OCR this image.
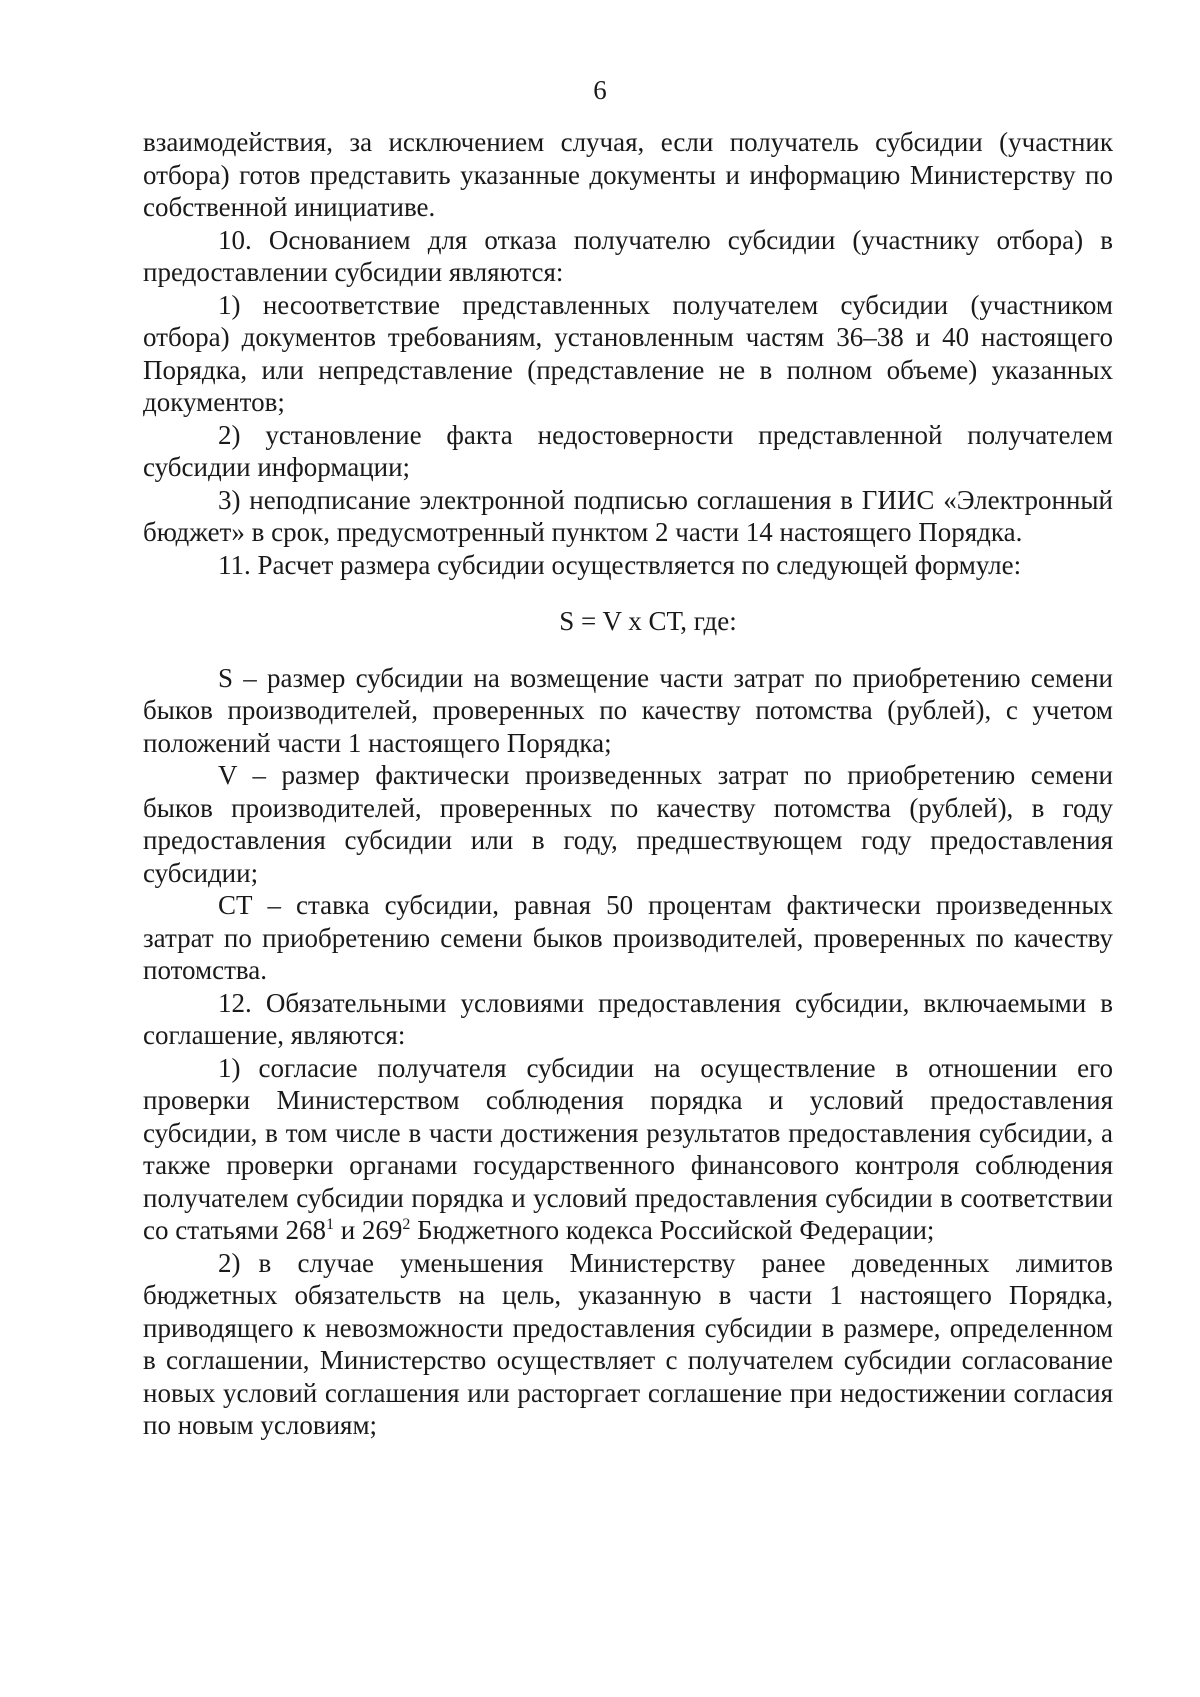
6

взаимодействия, за исключением случая, если получатель субсидии (участник отбора) готов представить указанные документы и информацию Министерству по собственной инициативе.

10. Основанием для отказа получателю субсидии (участнику отбора) в предоставлении субсидии являются:

1) несоответствие представленных получателем субсидии (участником отбора) документов требованиям, установленным частям 36–38 и 40 настоящего Порядка, или непредставление (представление не в полном объеме) указанных документов;

2) установление факта недостоверности представленной получателем субсидии информации;

3) неподписание электронной подписью соглашения в ГИИС «Электронный бюджет» в срок, предусмотренный пунктом 2 части 14 настоящего Порядка.

11. Расчет размера субсидии осуществляется по следующей формуле:

S = V x СТ, где:

S – размер субсидии на возмещение части затрат по приобретению семени быков производителей, проверенных по качеству потомства (рублей), с учетом положений части 1 настоящего Порядка;

V – размер фактически произведенных затрат по приобретению семени быков производителей, проверенных по качеству потомства (рублей), в году предоставления субсидии или в году, предшествующем году предоставления субсидии;

СТ – ставка субсидии, равная 50 процентам фактически произведенных затрат по приобретению семени быков производителей, проверенных по качеству потомства.

12. Обязательными условиями предоставления субсидии, включаемыми в соглашение, являются:

1) согласие получателя субсидии на осуществление в отношении его проверки Министерством соблюдения порядка и условий предоставления субсидии, в том числе в части достижения результатов предоставления субсидии, а также проверки органами государственного финансового контроля соблюдения получателем субсидии порядка и условий предоставления субсидии в соответствии со статьями $268^1$ и $269^2$ Бюджетного кодекса Российской Федерации;

2) в случае уменьшения Министерству ранее доведенных лимитов бюджетных обязательств на цель, указанную в части 1 настоящего Порядка, приводящего к невозможности предоставления субсидии в размере, определенном в соглашении, Министерство осуществляет с получателем субсидии согласование новых условий соглашения или расторгает соглашение при недостижении согласия по новым условиям;
